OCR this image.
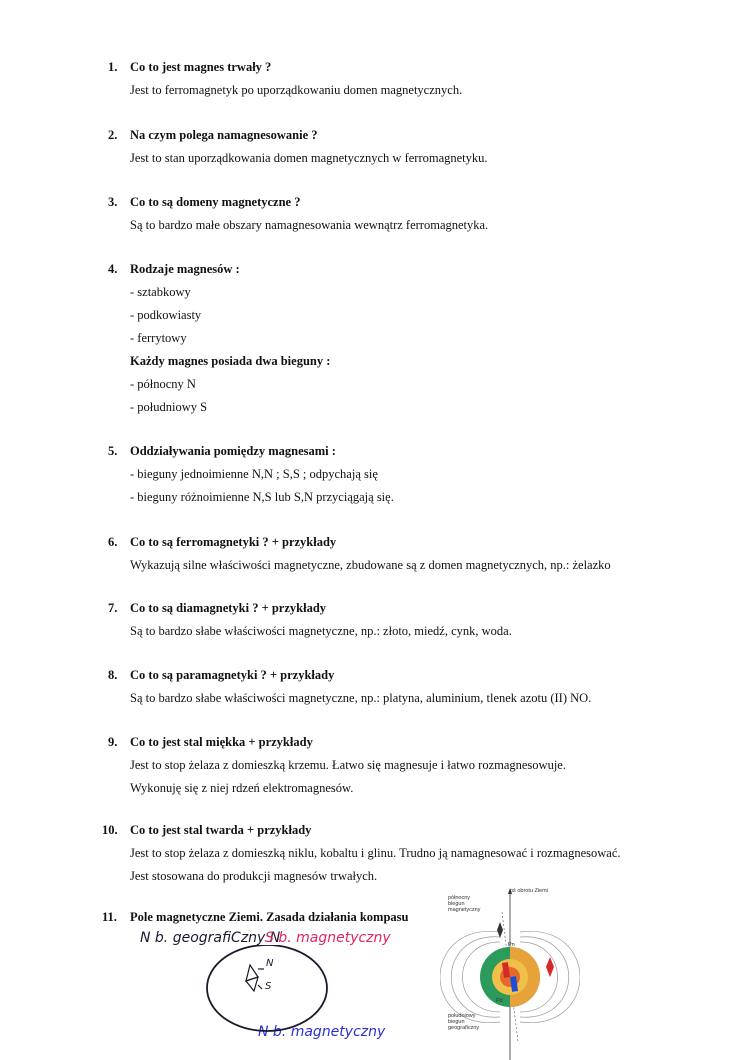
1. Co to jest magnes trwały ?
Jest to ferromagnetyk po uporządkowaniu domen magnetycznych.
2. Na czym polega namagnesowanie ?
Jest to stan uporządkowania domen magnetycznych w ferromagnetyku.
3. Co to są domeny magnetyczne ?
Są to bardzo małe obszary namagnesowania wewnątrz ferromagnetyka.
4. Rodzaje magnesów :
- sztabkowy
- podkowiasty
- ferrytowy
Każdy magnes posiada dwa bieguny :
- północny N
- południowy S
5. Oddziaływania pomiędzy magnesami :
- bieguny jednoimienne N,N ; S,S ; odpychają się
- bieguny różnoimienne N,S lub S,N przyciągają się.
6. Co to są ferromagnetyki ? + przykłady
Wykazują silne właściwości magnetyczne, zbudowane są z domen magnetycznych, np.: żelazko
7. Co to są diamagnetyki ? + przykłady
Są to bardzo słabe właściwości magnetyczne, np.: złoto, miedź, cynk, woda.
8. Co to są paramagnetyki ? + przykłady
Są to bardzo słabe właściwości magnetyczne, np.: platyna, aluminium, tlenek azotu (II) NO.
9. Co to jest stal miękka + przykłady
Jest to stop żelaza z domieszką krzemu. Łatwo się magnesuje i łatwo rozmagnesowuje.
Wykonuję się z niej rdzeń elektromagnesów.
10. Co to jest stal twarda + przykłady
Jest to stop żelaza z domieszką niklu, kobaltu i glinu. Trudno ją namagnesować i rozmagnesować.
Jest stosowana do produkcji magnesów trwałych.
11. Pole magnetyczne Ziemi. Zasada działania kompasu
N b. geografiCzny N
S b. magnetyczny
N b. magnetyczny
N
S
oś obrotu Ziemi
północny
biegun
magnetyczny
Pn
Pd
południowy
biegun
geograficzny
